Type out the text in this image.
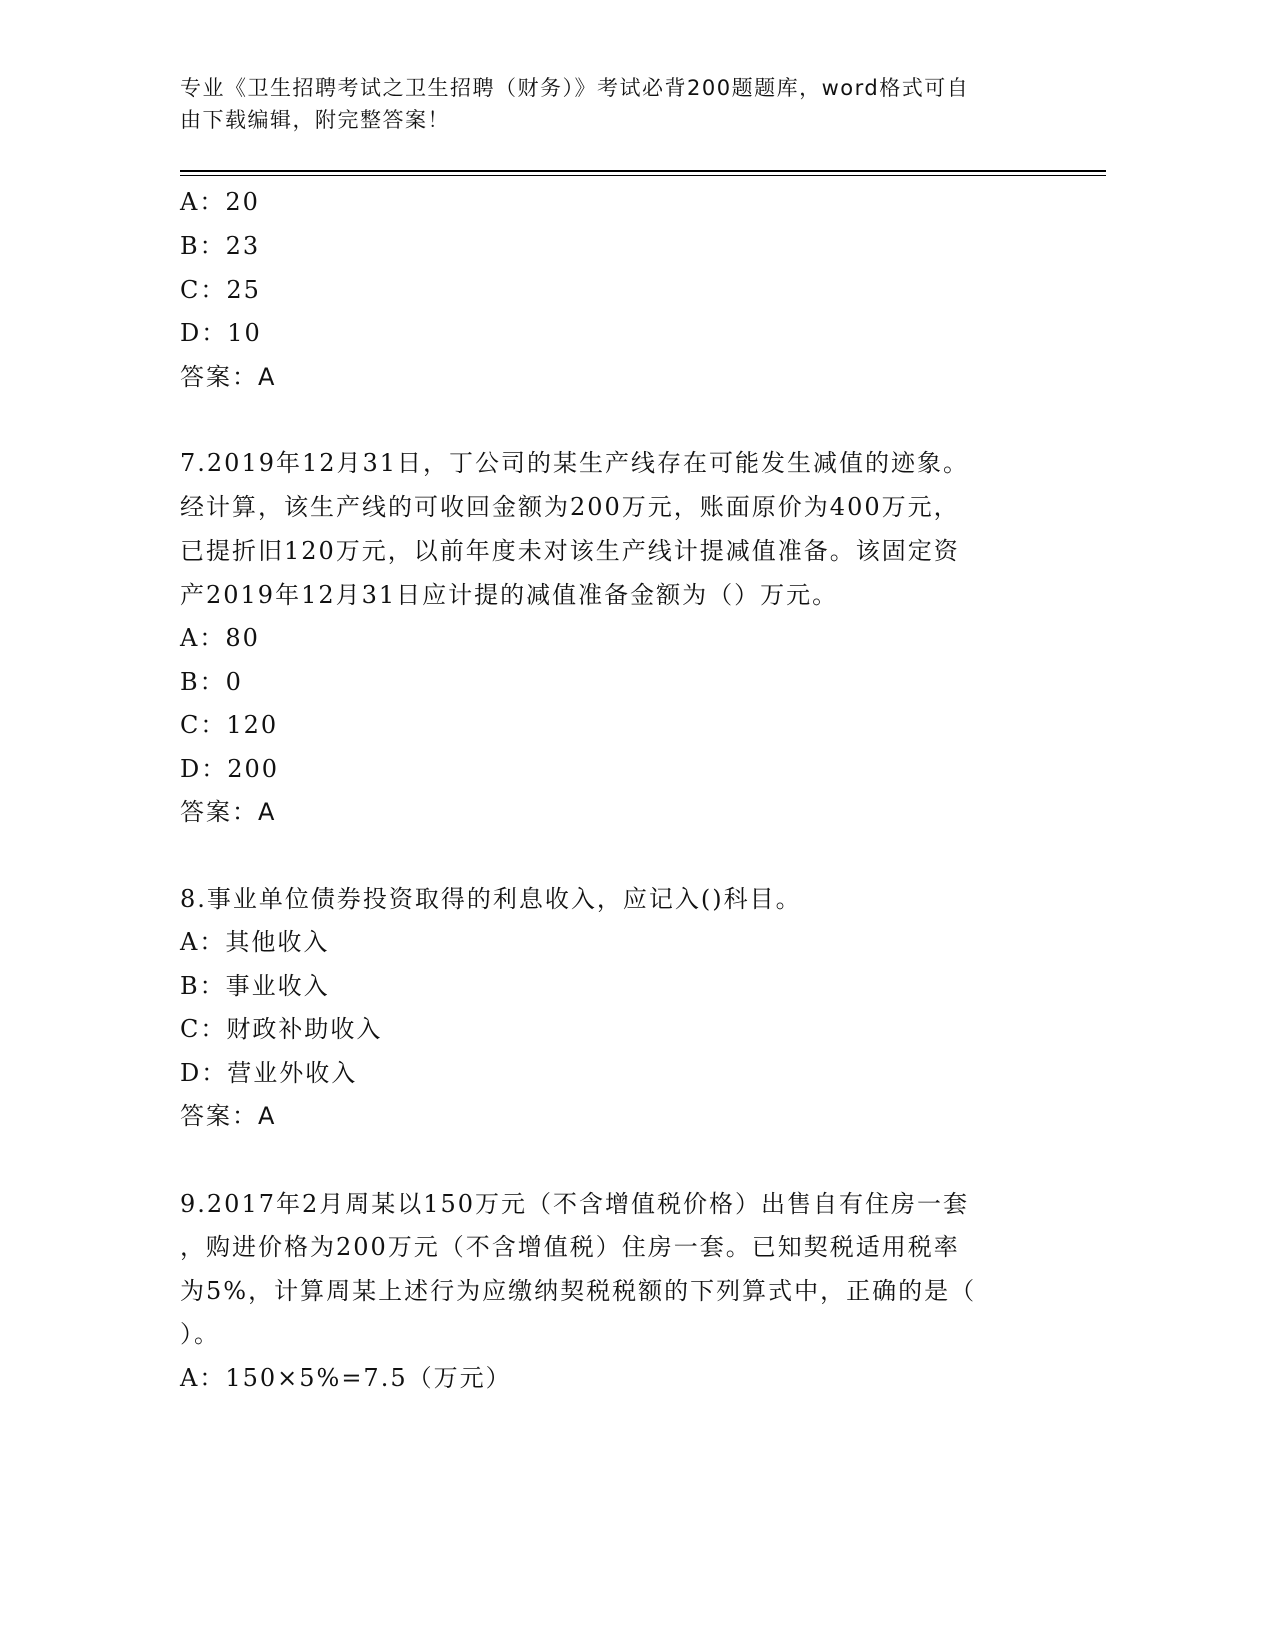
专业《卫生招聘考试之卫生招聘（财务）》考试必背200题题库，word格式可自
由下载编辑，附完整答案！
A：20
B：23
C：25
D：10
答案：A
7.2019年12月31日，丁公司的某生产线存在可能发生减值的迹象。
经计算，该生产线的可收回金额为200万元，账面原价为400万元，
已提折旧120万元，以前年度未对该生产线计提减值准备。该固定资
产2019年12月31日应计提的减值准备金额为（）万元。
A：80
B：0
C：120
D：200
答案：A
8.事业单位债券投资取得的利息收入，应记入()科目。
A：其他收入
B：事业收入
C：财政补助收入
D：营业外收入
答案：A
9.2017年2月周某以150万元（不含增值税价格）出售自有住房一套
，购进价格为200万元（不含增值税）住房一套。已知契税适用税率
为5%，计算周某上述行为应缴纳契税税额的下列算式中，正确的是（
）。
A：150×5%=7.5（万元）
